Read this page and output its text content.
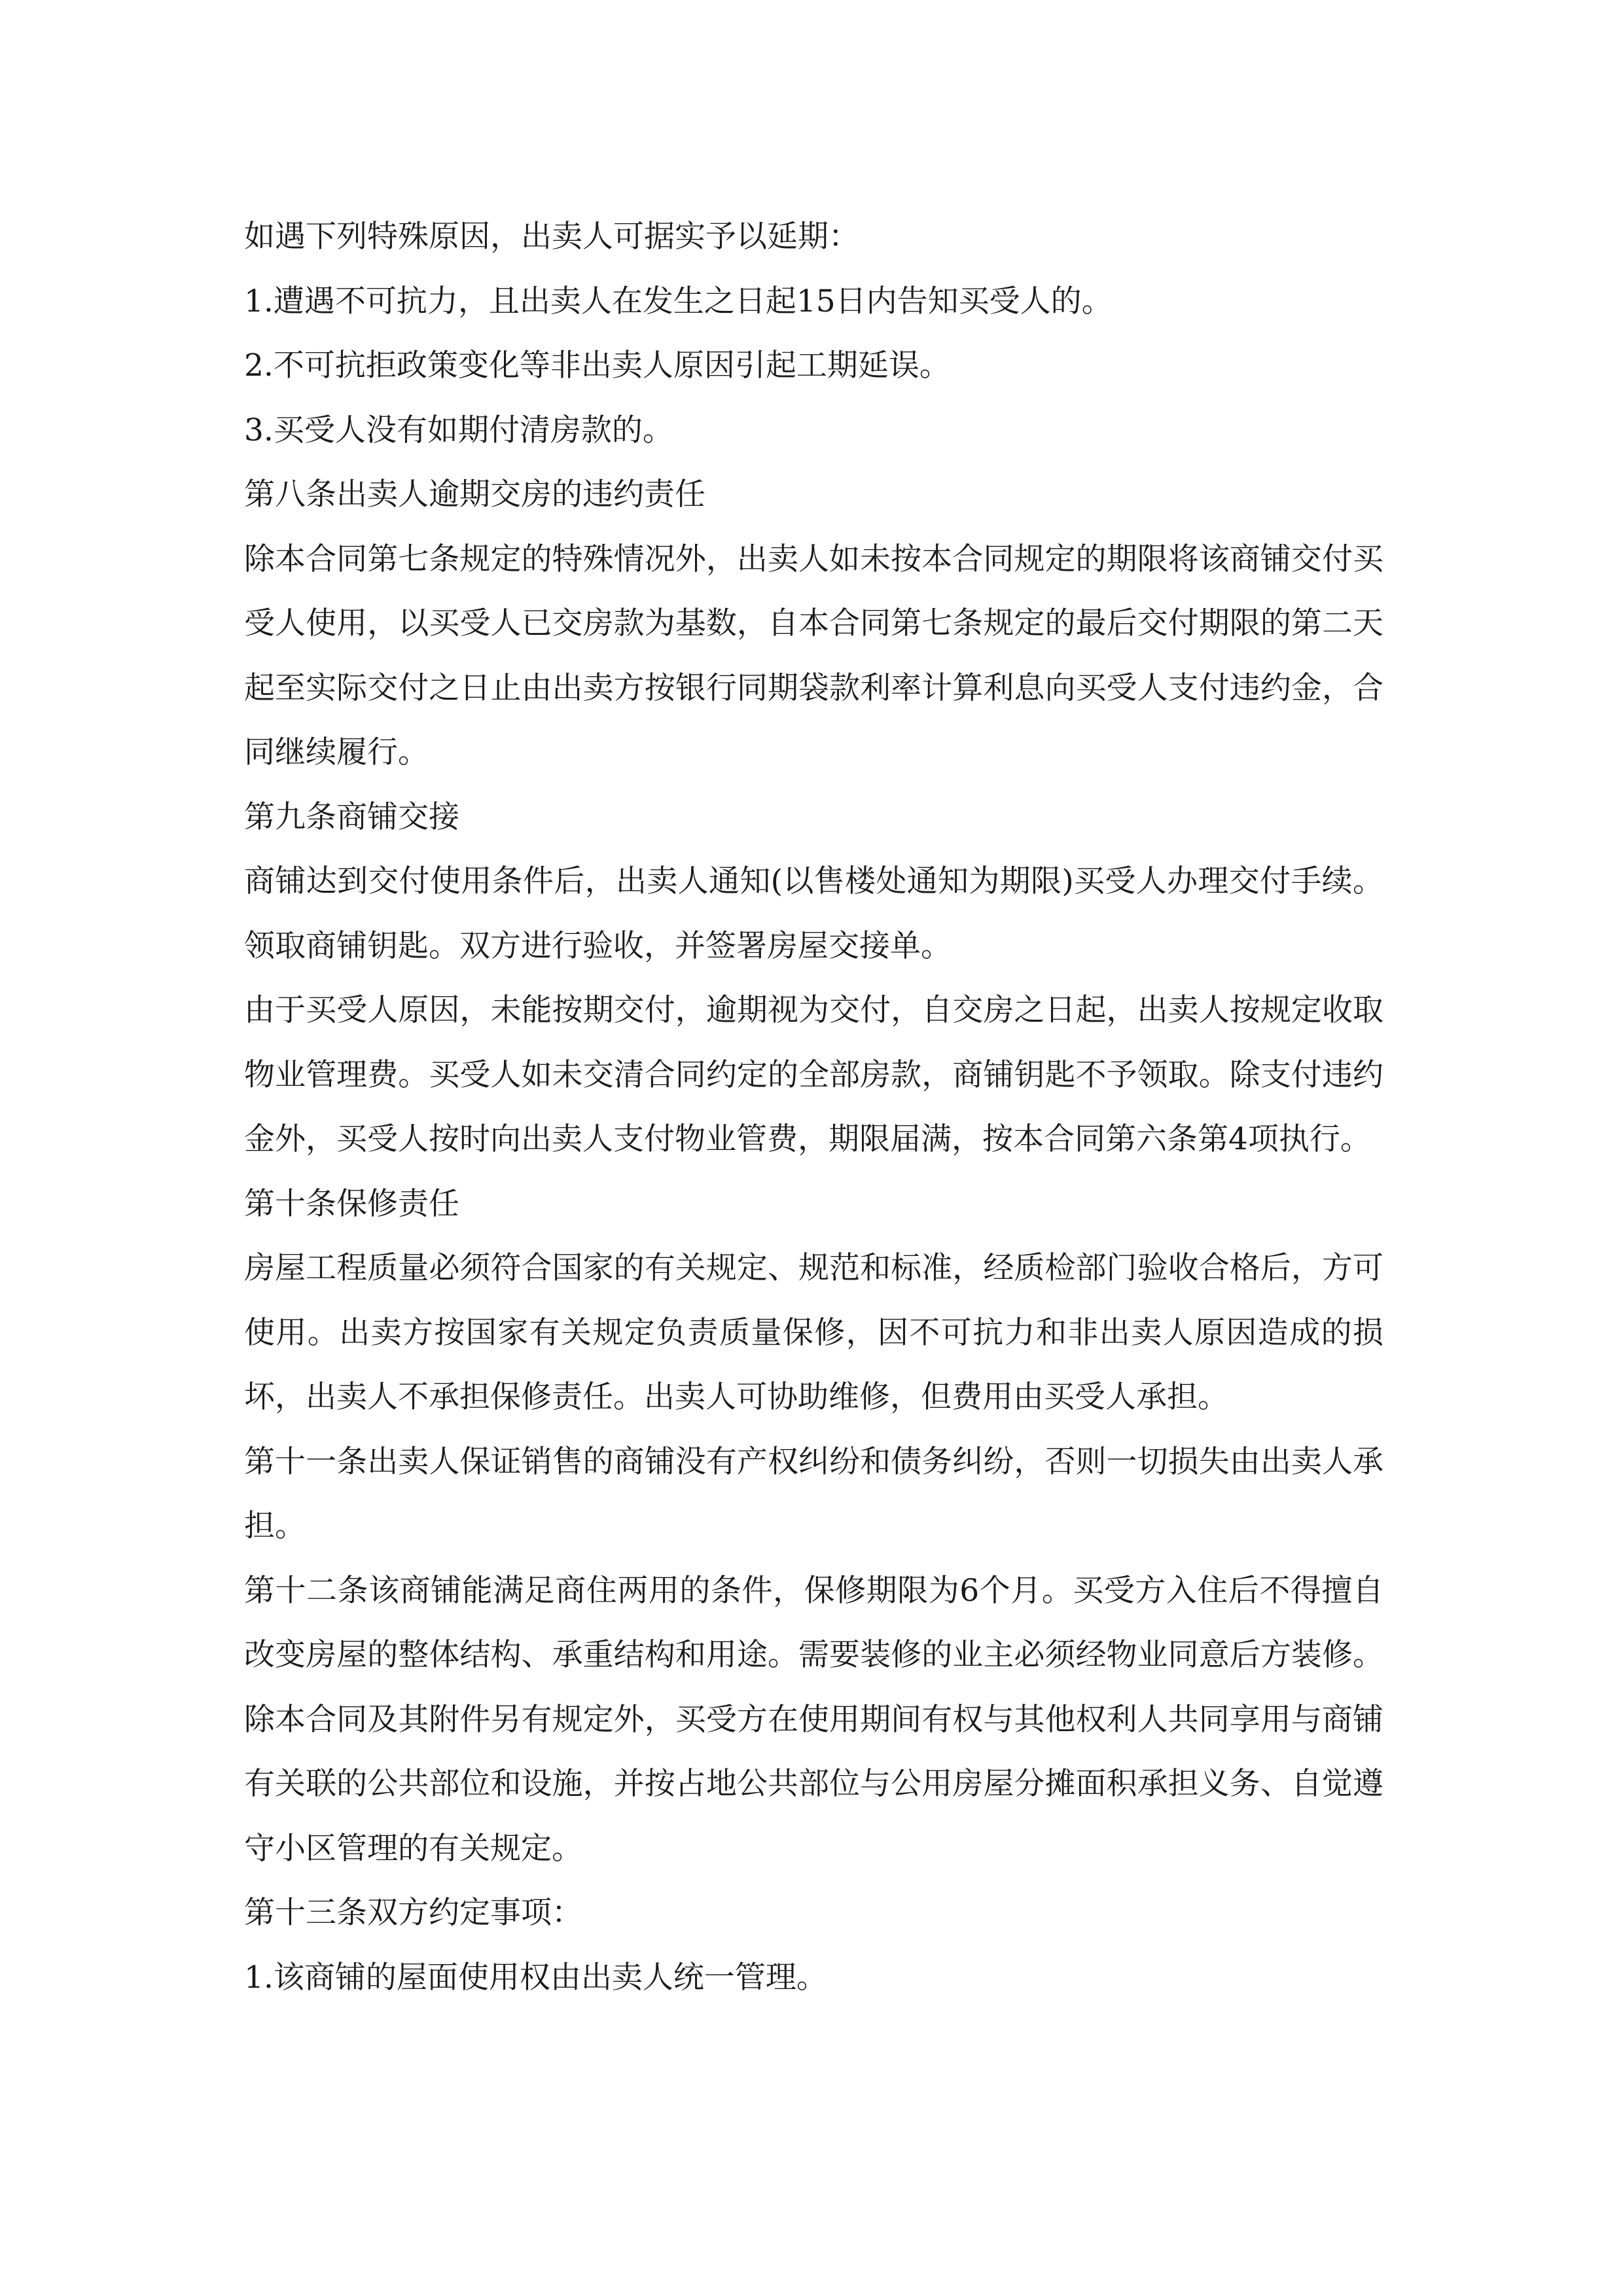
如遇下列特殊原因，出卖人可据实予以延期：

1.遭遇不可抗力，且出卖人在发生之日起15日内告知买受人的。

2.不可抗拒政策变化等非出卖人原因引起工期延误。

3.买受人没有如期付清房款的。

第八条出卖人逾期交房的违约责任

除本合同第七条规定的特殊情况外，出卖人如未按本合同规定的期限将该商铺交付买受人使用，以买受人已交房款为基数，自本合同第七条规定的最后交付期限的第二天起至实际交付之日止由出卖方按银行同期袋款利率计算利息向买受人支付违约金，合同继续履行。

第九条商铺交接

商铺达到交付使用条件后，出卖人通知(以售楼处通知为期限)买受人办理交付手续。领取商铺钥匙。双方进行验收，并签署房屋交接单。

由于买受人原因，未能按期交付，逾期视为交付，自交房之日起，出卖人按规定收取物业管理费。买受人如未交清合同约定的全部房款，商铺钥匙不予领取。除支付违约金外，买受人按时向出卖人支付物业管费，期限届满，按本合同第六条第4项执行。

第十条保修责任

房屋工程质量必须符合国家的有关规定、规范和标准，经质检部门验收合格后，方可使用。出卖方按国家有关规定负责质量保修，因不可抗力和非出卖人原因造成的损坏，出卖人不承担保修责任。出卖人可协助维修，但费用由买受人承担。

第十一条出卖人保证销售的商铺没有产权纠纷和债务纠纷，否则一切损失由出卖人承担。

第十二条该商铺能满足商住两用的条件，保修期限为6个月。买受方入住后不得擅自改变房屋的整体结构、承重结构和用途。需要装修的业主必须经物业同意后方装修。除本合同及其附件另有规定外，买受方在使用期间有权与其他权利人共同享用与商铺有关联的公共部位和设施，并按占地公共部位与公用房屋分摊面积承担义务、自觉遵守小区管理的有关规定。

第十三条双方约定事项：

1.该商铺的屋面使用权由出卖人统一管理。
